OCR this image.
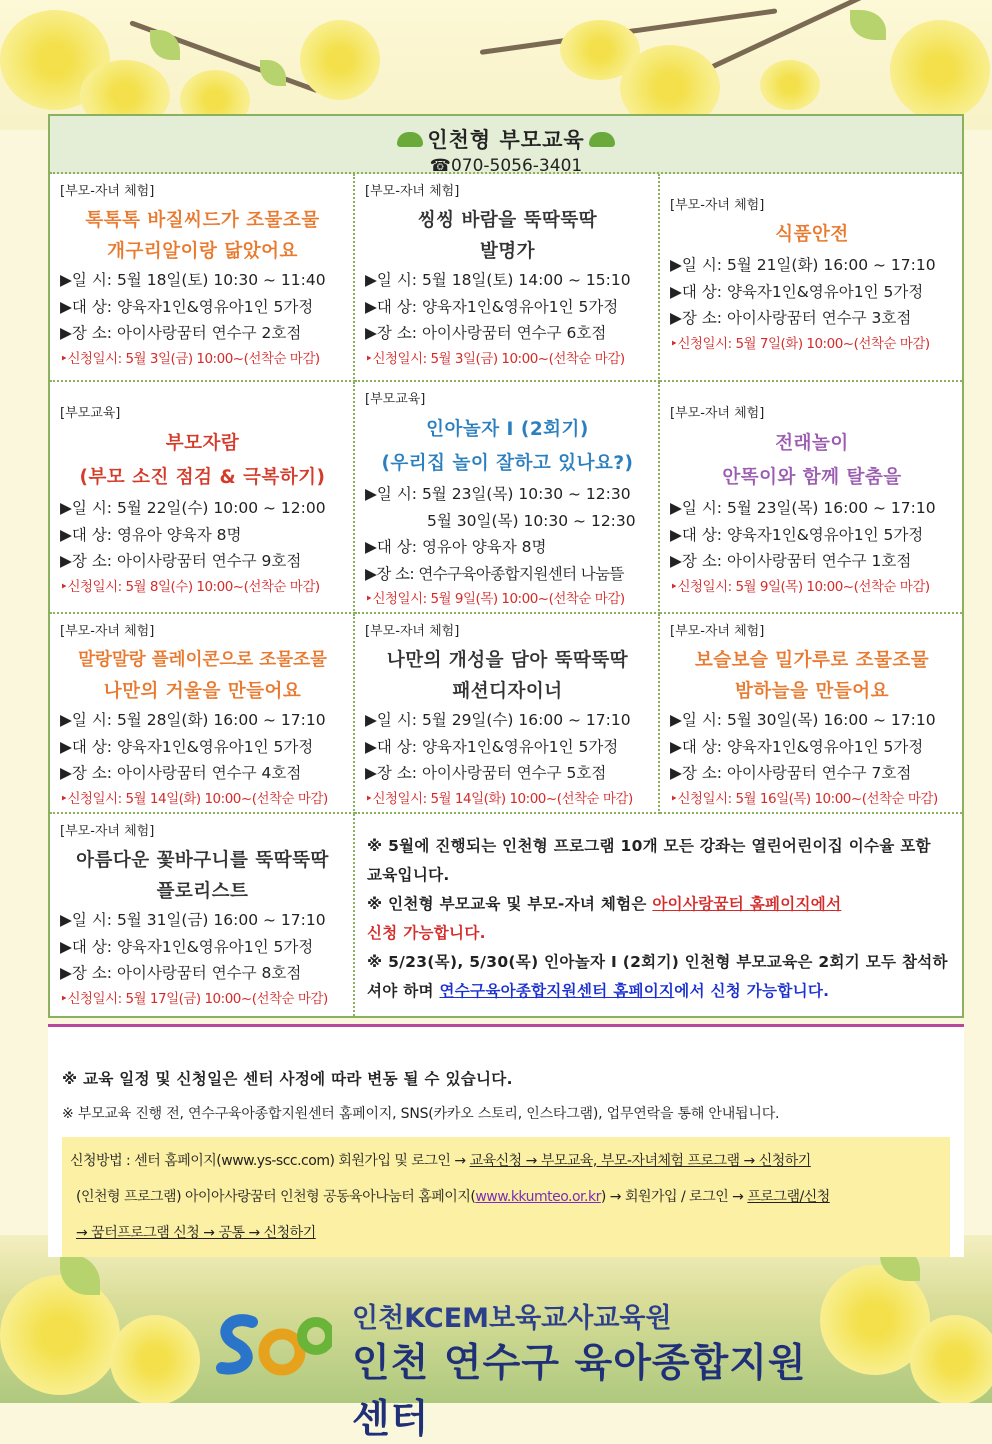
인천형 부모교육
☎070-5056-3401
[부모-자녀 체험]
톡톡톡 바질씨드가 조물조물
개구리알이랑 닮았어요
▶일 시: 5월 18일(토) 10:30 ~ 11:40
▶대 상: 양육자1인&영유아1인 5가정
▶장 소: 아이사랑꿈터 연수구 2호점
‣신청일시: 5월 3일(금) 10:00~(선착순 마감)
[부모-자녀 체험]
씽씽 바람을 뚝딱뚝딱
발명가
▶일 시: 5월 18일(토) 14:00 ~ 15:10
▶대 상: 양육자1인&영유아1인 5가정
▶장 소: 아이사랑꿈터 연수구 6호점
‣신청일시: 5월 3일(금) 10:00~(선착순 마감)
[부모-자녀 체험]
식품안전
▶일 시: 5월 21일(화) 16:00 ~ 17:10
▶대 상: 양육자1인&영유아1인 5가정
▶장 소: 아이사랑꿈터 연수구 3호점
‣신청일시: 5월 7일(화) 10:00~(선착순 마감)
[부모교육]
부모자람
(부모 소진 점검 & 극복하기)
▶일 시: 5월 22일(수) 10:00 ~ 12:00
▶대 상: 영유아 양육자 8명
▶장 소: 아이사랑꿈터 연수구 9호점
‣신청일시: 5월 8일(수) 10:00~(선착순 마감)
[부모교육]
인아놀자 I (2회기)
(우리집 놀이 잘하고 있나요?)
▶일 시: 5월 23일(목) 10:30 ~ 12:30
5월 30일(목) 10:30 ~ 12:30
▶대 상: 영유아 양육자 8명
▶장 소: 연수구육아종합지원센터 나눔뜰
‣신청일시: 5월 9일(목) 10:00~(선착순 마감)
[부모-자녀 체험]
전래놀이
안똑이와 함께 탈춤을
▶일 시: 5월 23일(목) 16:00 ~ 17:10
▶대 상: 양육자1인&영유아1인 5가정
▶장 소: 아이사랑꿈터 연수구 1호점
‣신청일시: 5월 9일(목) 10:00~(선착순 마감)
[부모-자녀 체험]
말랑말랑 플레이콘으로 조물조물
나만의 거울을 만들어요
▶일 시: 5월 28일(화) 16:00 ~ 17:10
▶대 상: 양육자1인&영유아1인 5가정
▶장 소: 아이사랑꿈터 연수구 4호점
‣신청일시: 5월 14일(화) 10:00~(선착순 마감)
[부모-자녀 체험]
나만의 개성을 담아 뚝딱뚝딱
패션디자이너
▶일 시: 5월 29일(수) 16:00 ~ 17:10
▶대 상: 양육자1인&영유아1인 5가정
▶장 소: 아이사랑꿈터 연수구 5호점
‣신청일시: 5월 14일(화) 10:00~(선착순 마감)
[부모-자녀 체험]
보슬보슬 밀가루로 조물조물
밤하늘을 만들어요
▶일 시: 5월 30일(목) 16:00 ~ 17:10
▶대 상: 양육자1인&영유아1인 5가정
▶장 소: 아이사랑꿈터 연수구 7호점
‣신청일시: 5월 16일(목) 10:00~(선착순 마감)
[부모-자녀 체험]
아름다운 꽃바구니를 뚝딱뚝딱
플로리스트
▶일 시: 5월 31일(금) 16:00 ~ 17:10
▶대 상: 양육자1인&영유아1인 5가정
▶장 소: 아이사랑꿈터 연수구 8호점
‣신청일시: 5월 17일(금) 10:00~(선착순 마감)
※ 5월에 진행되는 인천형 프로그램 10개 모든 강좌는 열린어린이집 이수율 포함 교육입니다.
※ 인천형 부모교육 및 부모-자녀 체험은 아이사랑꿈터 홈페이지에서
신청 가능합니다.
※ 5/23(목), 5/30(목) 인아놀자 I (2회기) 인천형 부모교육은 2회기 모두 참석하셔야 하며 연수구육아종합지원센터 홈페이지에서 신청 가능합니다.
※ 교육 일정 및 신청일은 센터 사정에 따라 변동 될 수 있습니다.
※ 부모교육 진행 전, 연수구육아종합지원센터 홈페이지, SNS(카카오 스토리, 인스타그램), 업무연락을 통해 안내됩니다.
신청방법 : 센터 홈페이지(www.ys-scc.com) 회원가입 및 로그인 → 교육신청 → 부모교육, 부모-자녀체험 프로그램 → 신청하기
(인천형 프로그램) 아이아사랑꿈터 인천형 공동육아나눔터 홈페이지(www.kkumteo.or.kr) → 회원가입 / 로그인 → 프로그램/신청
→ 꿈터프로그램 신청 → 공통 → 신청하기
인천KCEM보육교사교육원
인천 연수구 육아종합지원센터
